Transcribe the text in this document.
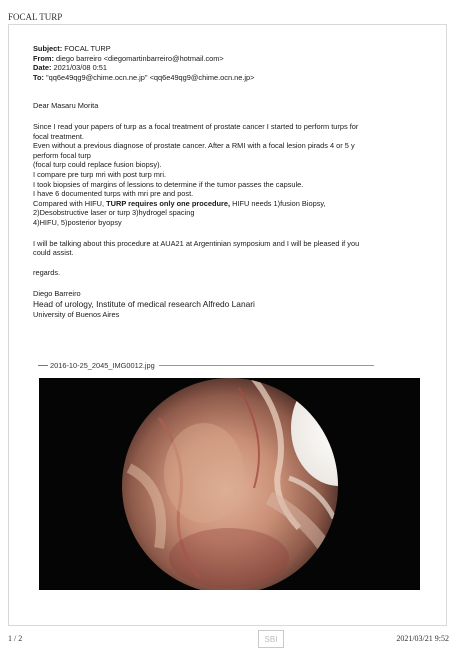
FOCAL TURP
Subject: FOCAL TURP
From: diego barreiro <diegomartinbarreiro@hotmail.com>
Date: 2021/03/08 0:51
To: "qq6e49qg9@chime.ocn.ne.jp" <qq6e49qg9@chime.ocn.ne.jp>
Dear Masaru Morita
Since I read your papers of turp as a focal treatment of prostate cancer I started to perform turps for
focal treatment.
Even without a previous diagnose of prostate cancer. After a RMI with a focal lesion pirads 4 or 5 y
perform focal turp
(focal turp could replace fusion biopsy).
I compare pre turp mri with post turp mri.
I took biopsies of margins of lessions to determine if the tumor passes the capsule.
I have 6 documented turps with mri pre and post.
Compared with HIFU, TURP requires only one procedure, HIFU needs 1)fusion Biopsy,
2)Desobstructive laser or turp 3)hydrogel spacing
4)HIFU, 5)posterior byopsy
I will be talking about this procedure at AUA21 at Argentinian symposium and I will be pleased if you
could assist.
regards.
Diego Barreiro
Head of urology, Institute of medical research Alfredo Lanari
University of Buenos Aires
2016-10-25_2045_IMG0012.jpg
1 / 2	SBI	2021/03/21 9:52
